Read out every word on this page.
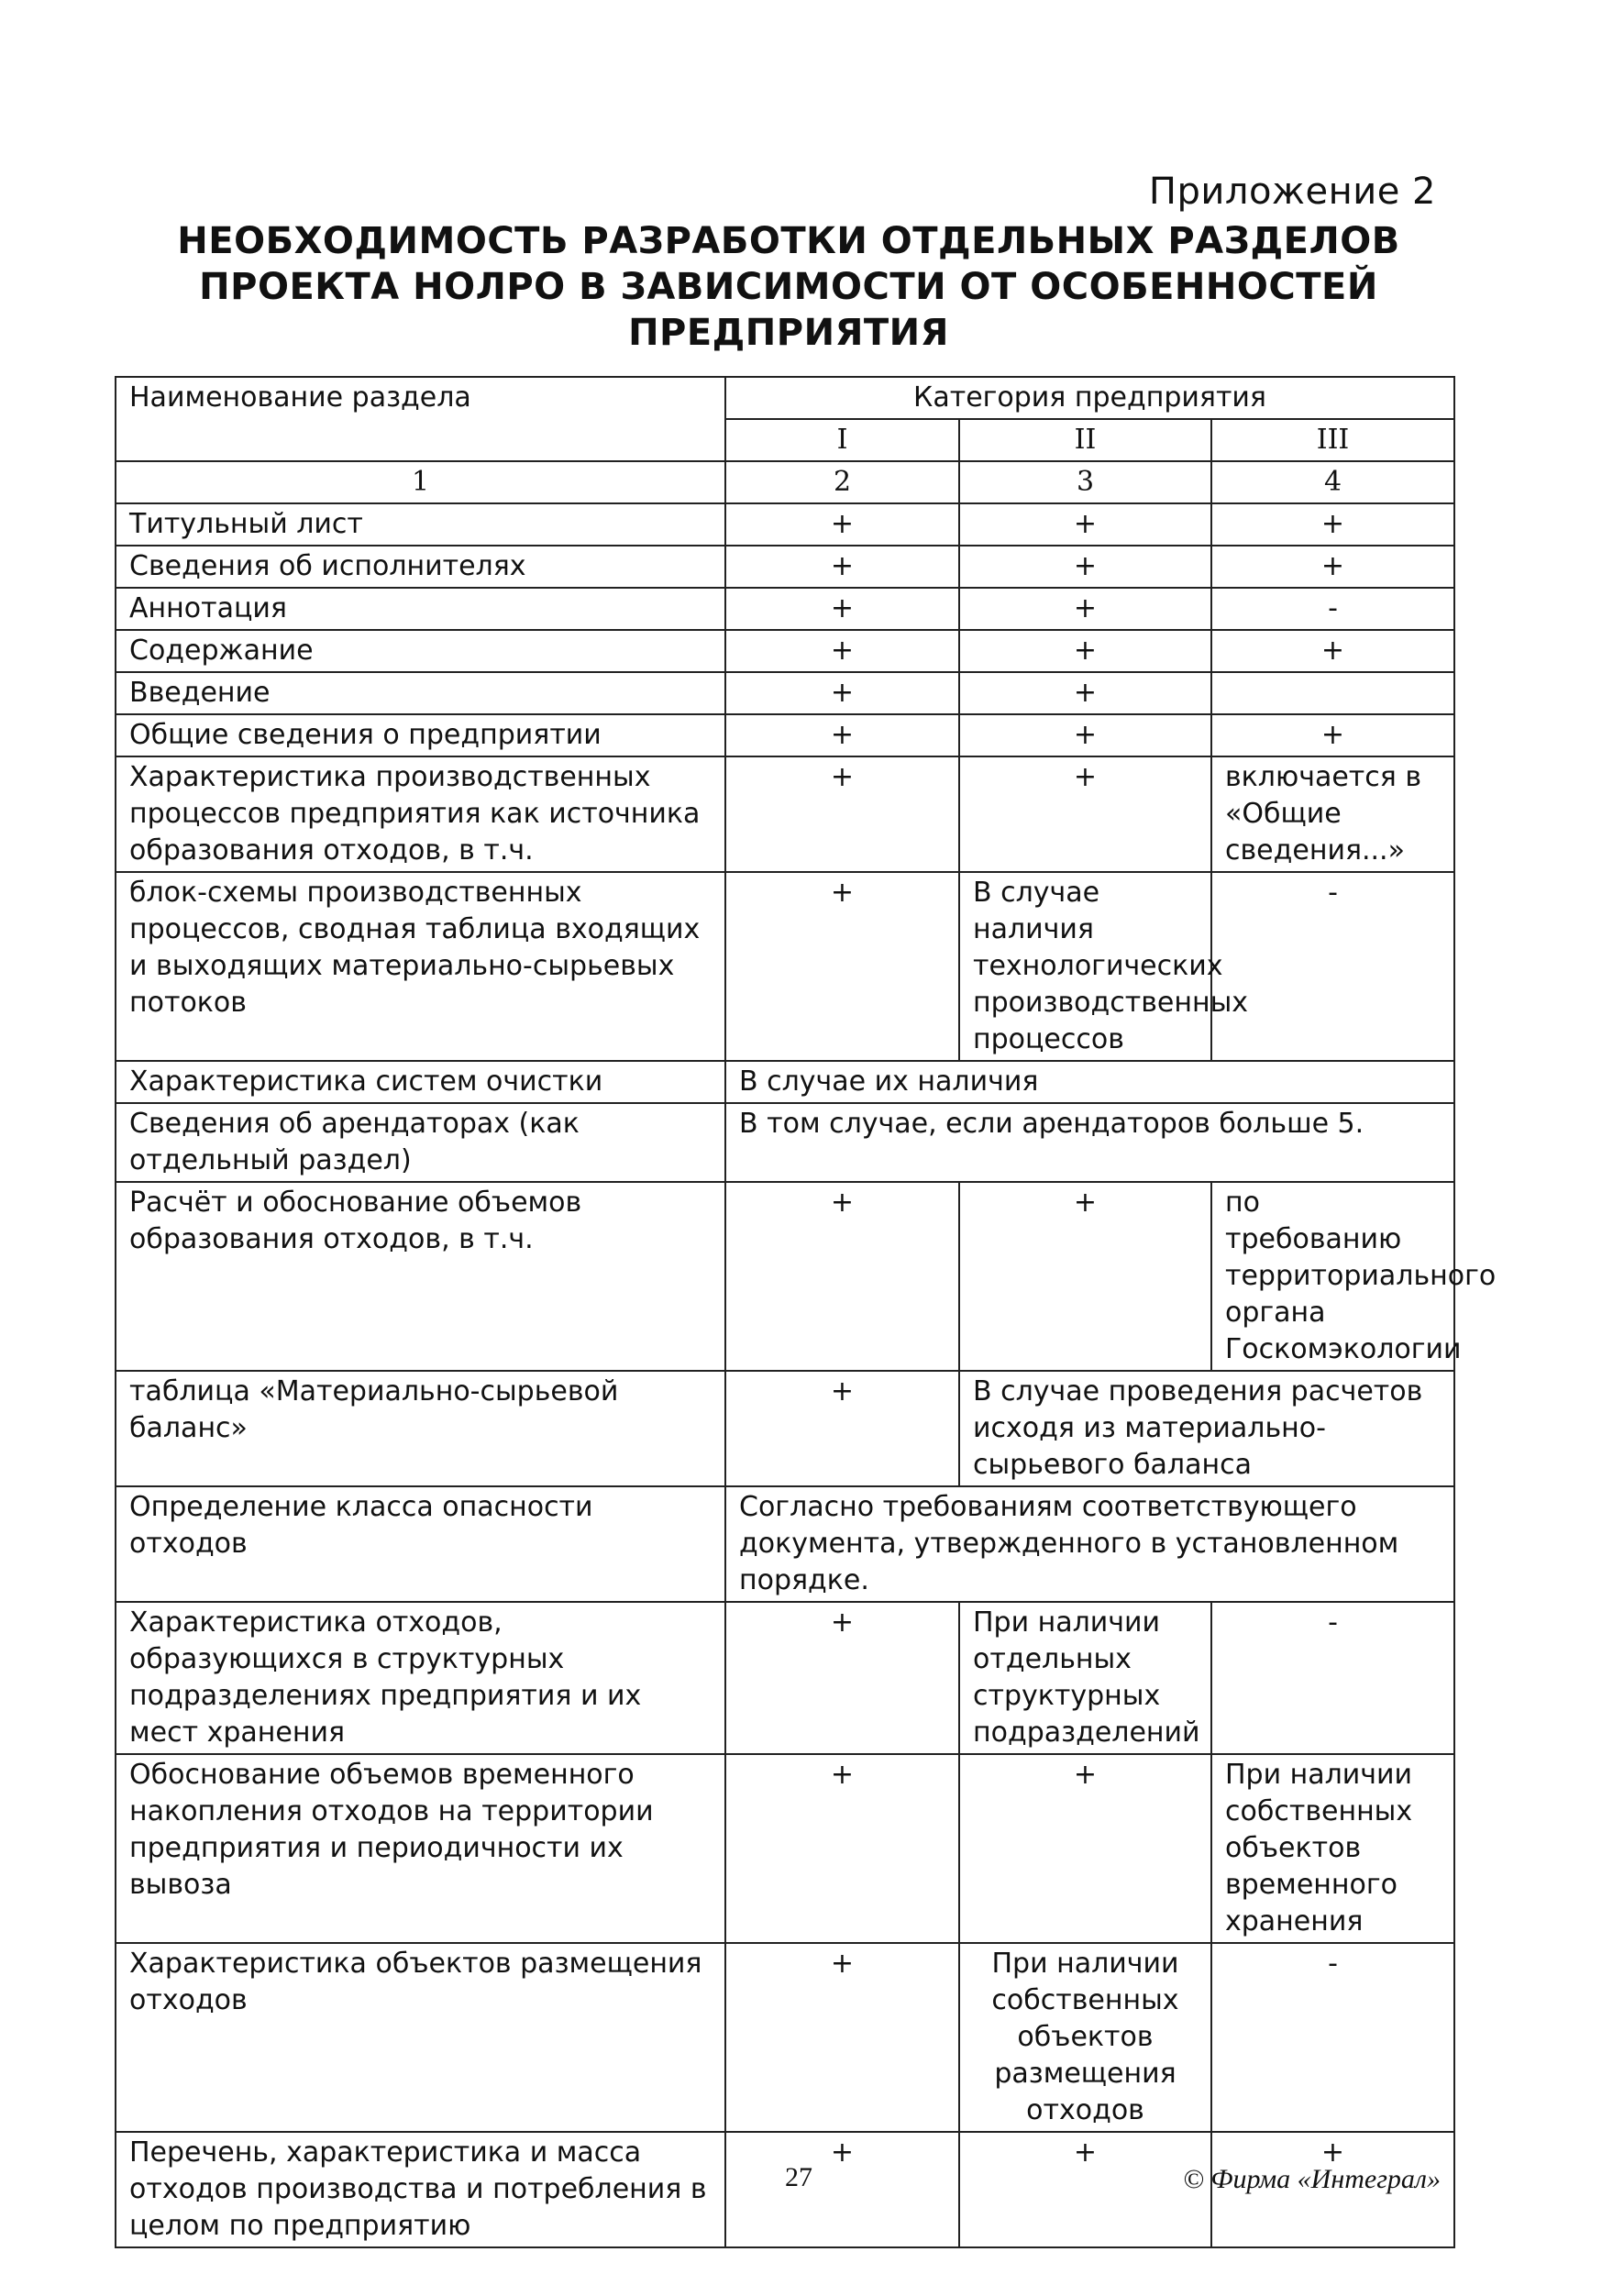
Приложение 2
НЕОБХОДИМОСТЬ РАЗРАБОТКИ ОТДЕЛЬНЫХ РАЗДЕЛОВ
ПРОЕКТА НОЛРО В ЗАВИСИМОСТИ ОТ ОСОБЕННОСТЕЙ
ПРЕДПРИЯТИЯ
Наименование раздела	Категория предприятия		
	I	II	III
1	2	3	4
Титульный лист	+	+	+
Сведения об исполнителях	+	+	+
Аннотация	+	+	-
Содержание	+	+	+
Введение	+	+	
Общие сведения о предприятии	+	+	+
Характеристика производственных процессов предприятия как источника образования отходов, в т.ч.	+	+	включается в «Общие сведения...»
блок-схемы производственных процессов, сводная таблица входящих и выходящих материально-сырьевых потоков	+	В случае наличия технологических производственных процессов	-
Характеристика систем очистки	В случае их наличия		
Сведения об арендаторах (как отдельный раздел)	В том случае, если арендаторов больше 5.		
Расчёт и обоснование объемов образования отходов, в т.ч.	+	+	по требованию территориального органа Госкомэкологии
таблица «Материально-сырьевой баланс»	+	В случае проведения расчетов исходя из материально-сырьевого баланса	
Определение класса опасности отходов	Согласно требованиям соответствующего документа, утвержденного в установленном порядке.		
Характеристика отходов, образующихся в структурных подразделениях предприятия и их мест хранения	+	При наличии отдельных структурных подразделений	-
Обоснование объемов временного накопления отходов на территории предприятия и периодичности их вывоза	+	+	При наличии собственных объектов временного хранения
Характеристика объектов размещения отходов	+	При наличии собственных объектов размещения отходов	-
Перечень, характеристика и масса отходов производства и потребления в целом по предприятию	+	+	+
27	© Фирма «Интеграл»
